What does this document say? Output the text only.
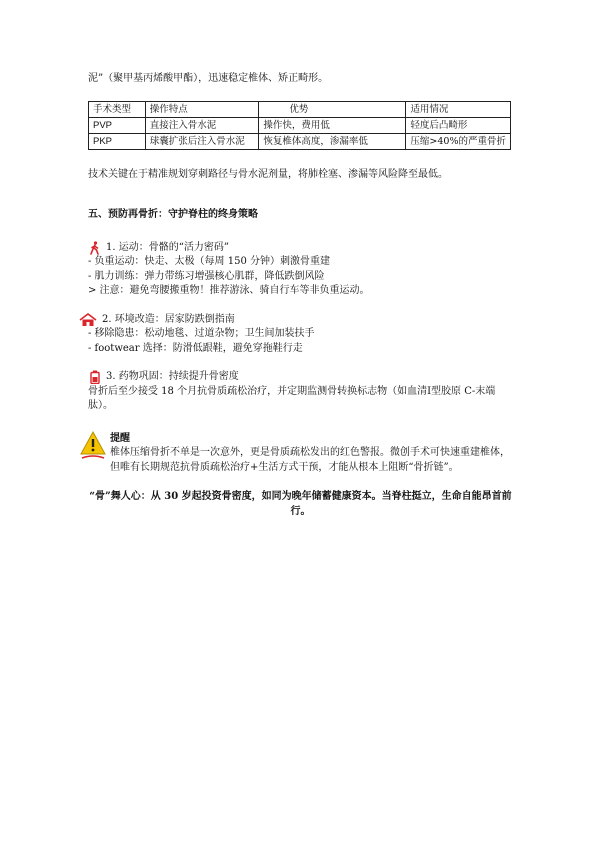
泥”（聚甲基丙烯酸甲酯），迅速稳定椎体、矫正畸形。

手术类型	操作特点	优势	适用情况
PVP	直接注入骨水泥	操作快，费用低	轻度后凸畸形
PKP	球囊扩张后注入骨水泥	恢复椎体高度，渗漏率低	压缩>40%的严重骨折

技术关键在于精准规划穿刺路径与骨水泥剂量，将肺栓塞、渗漏等风险降至最低。

五、预防再骨折：守护脊柱的终身策略

1. 运动：骨骼的“活力密码”
- 负重运动：快走、太极（每周 150 分钟）刺激骨重建
- 肌力训练：弹力带练习增强核心肌群，降低跌倒风险
> 注意：避免弯腰搬重物！推荐游泳、骑自行车等非负重运动。
2. 环境改造：居家防跌倒指南
- 移除隐患：松动地毯、过道杂物；卫生间加装扶手
- footwear 选择：防滑低跟鞋，避免穿拖鞋行走
3. 药物巩固：持续提升骨密度

骨折后至少接受 18 个月抗骨质疏松治疗，并定期监测骨转换标志物（如血清Ⅰ型胶原 C-末端肽）。

提醒

椎体压缩骨折不单是一次意外，更是骨质疏松发出的红色警报。微创手术可快速重建椎体，但唯有长期规范抗骨质疏松治疗+生活方式干预，才能从根本上阻断“骨折链”。

“骨”舞人心：从 30 岁起投资骨密度，如同为晚年储蓄健康资本。当脊柱挺立，生命自能昂首前行。
